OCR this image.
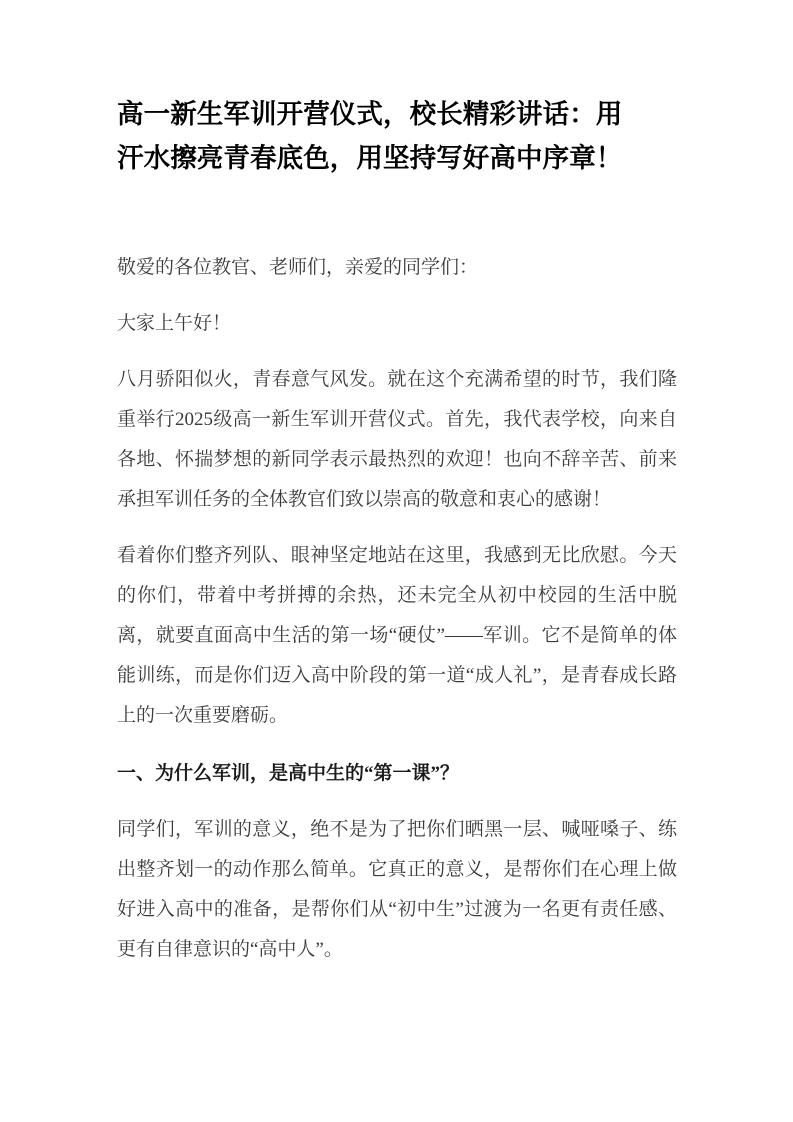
高一新生军训开营仪式，校长精彩讲话：用
汗水擦亮青春底色，用坚持写好高中序章！

敬爱的各位教官、老师们，亲爱的同学们：

大家上午好！

八月骄阳似火，青春意气风发。就在这个充满希望的时节，我们隆重举行2025级高一新生军训开营仪式。首先，我代表学校，向来自各地、怀揣梦想的新同学表示最热烈的欢迎！也向不辞辛苦、前来承担军训任务的全体教官们致以崇高的敬意和衷心的感谢！

看着你们整齐列队、眼神坚定地站在这里，我感到无比欣慰。今天的你们，带着中考拼搏的余热，还未完全从初中校园的生活中脱离，就要直面高中生活的第一场“硬仗”——军训。它不是简单的体能训练，而是你们迈入高中阶段的第一道“成人礼”，是青春成长路上的一次重要磨砺。

一、为什么军训，是高中生的“第一课”？

同学们，军训的意义，绝不是为了把你们晒黑一层、喊哑嗓子、练出整齐划一的动作那么简单。它真正的意义，是帮你们在心理上做好进入高中的准备，是帮你们从“初中生”过渡为一名更有责任感、更有自律意识的“高中人”。
